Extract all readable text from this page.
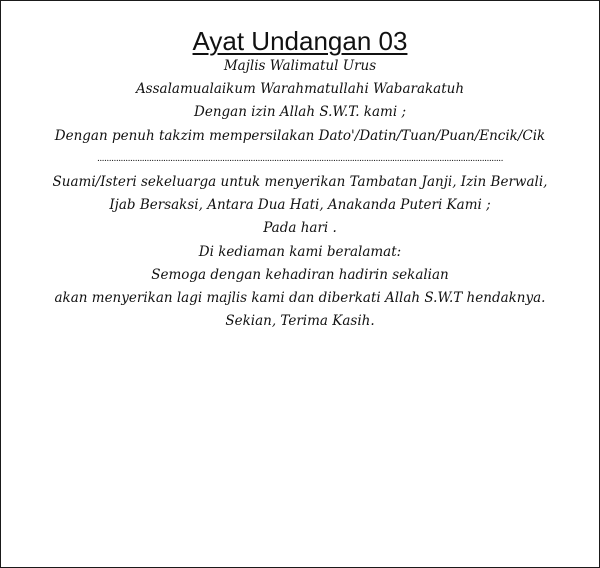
Ayat Undangan 03
Majlis Walimatul Urus
Assalamualaikum Warahmatullahi Wabarakatuh
Dengan izin Allah S.W.T. kami ;
Dengan penuh takzim mempersilakan Dato'/Datin/Tuan/Puan/Encik/Cik
............................................................................................................................................................................
Suami/Isteri sekeluarga untuk menyerikan Tambatan Janji, Izin Berwali,
Ijab Bersaksi, Antara Dua Hati, Anakanda Puteri Kami ;
Pada hari .
Di kediaman kami beralamat:
Semoga dengan kehadiran hadirin sekalian
akan menyerikan lagi majlis kami dan diberkati Allah S.W.T hendaknya.
Sekian, Terima Kasih.
